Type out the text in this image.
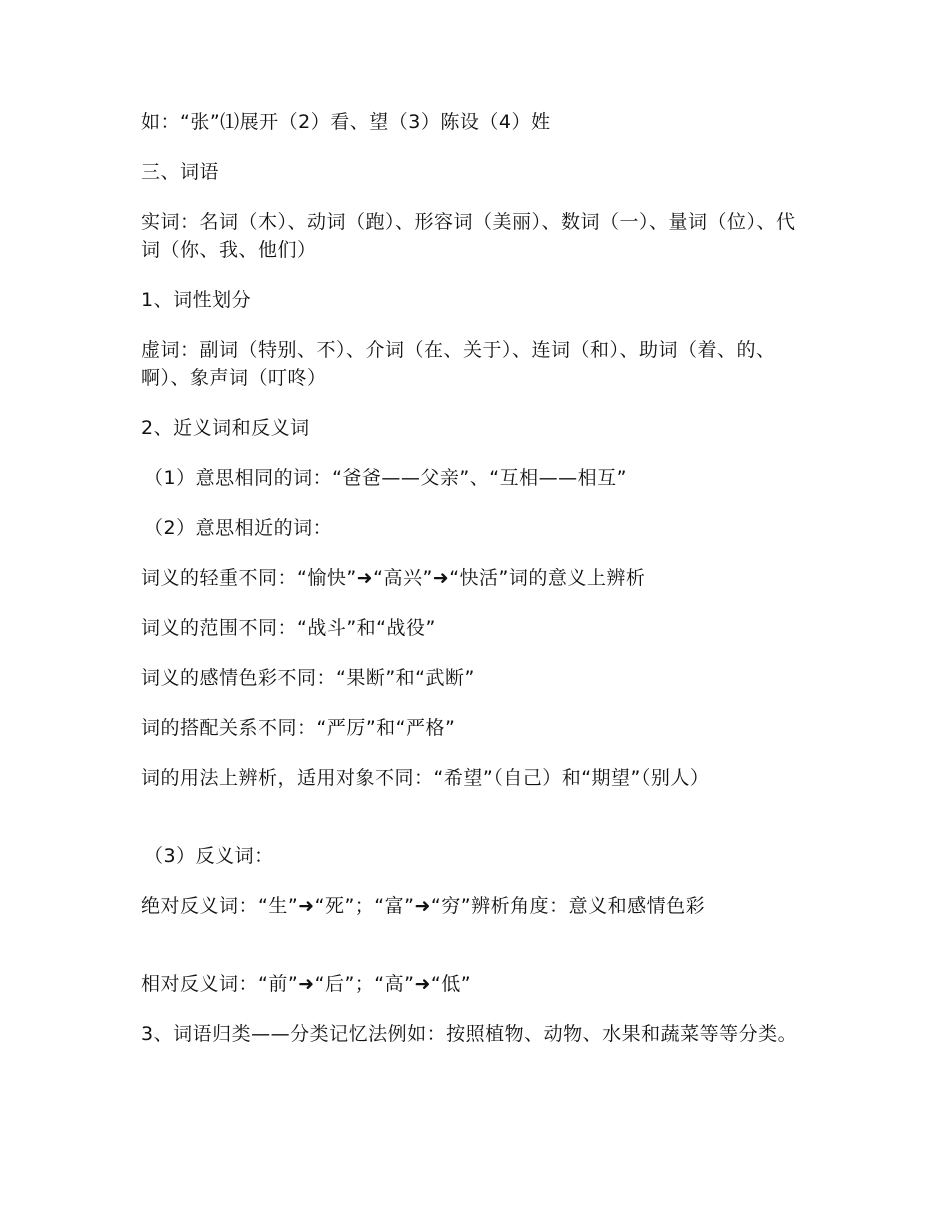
如：“张”⑴展开（2）看、望（3）陈设（4）姓

三、词语

实词：名词（木）、动词（跑）、形容词（美丽）、数词（一）、量词（位）、代词（你、我、他们）

1、词性划分

虚词：副词（特别、不）、介词（在、关于）、连词（和）、助词（着、的、啊）、象声词（叮咚）

2、近义词和反义词

（1）意思相同的词：“爸爸——父亲”、“互相——相互”

（2）意思相近的词：

词义的轻重不同：“愉快”➜“高兴”➜“快活”词的意义上辨析

词义的范围不同：“战斗”和“战役”

词义的感情色彩不同：“果断”和“武断”

词的搭配关系不同：“严厉”和“严格”

词的用法上辨析，适用对象不同：“希望”（自己）和“期望”（别人）

（3）反义词：

绝对反义词：“生”➜“死”；“富”➜“穷”辨析角度：意义和感情色彩

相对反义词：“前”➜“后”；“高”➜“低”

3、词语归类——分类记忆法例如：按照植物、动物、水果和蔬菜等等分类。
